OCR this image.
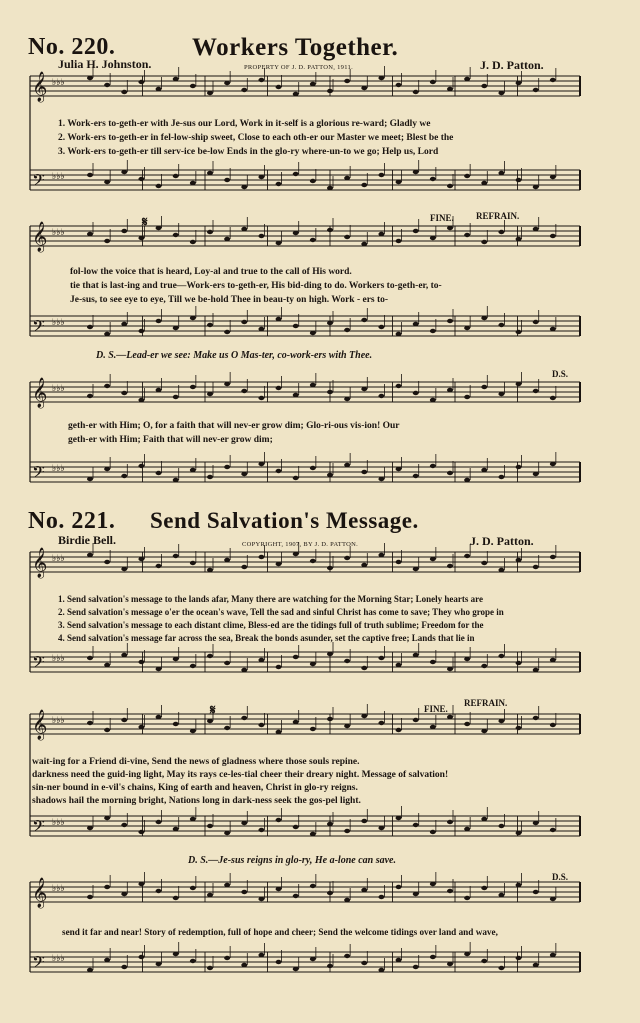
𝄞 ♭♭♭
𝄢 ♭♭♭
𝄞 ♭♭♭
𝄢 ♭♭♭
𝄞 ♭♭♭
𝄢 ♭♭♭
𝄞 ♭♭♭
𝄢 ♭♭♭
𝄞 ♭♭♭
𝄢 ♭♭♭
𝄞 ♭♭♭
𝄢 ♭♭♭
No. 220.	Workers Together.
Julia H. Johnston.	PROPERTY OF J. D. PATTON, 1911.	J. D. Patton.
1. Work-ers to-geth-er with Je-sus our Lord, Work in it-self is a glorious re-ward; Gladly we
2. Work-ers to-geth-er in fel-low-ship sweet, Close to each oth-er our Master we meet; Blest be the
3. Work-ers to-geth-er till serv-ice be-low Ends in the glo-ry where-un-to we go; Help us, Lord
FINE. REFRAIN.
𝄋
fol-low the voice that is heard, Loy-al and true to the call of His word.
tie that is last-ing and true—Work-ers to-geth-er, His bid-ding to do. Workers to-geth-er, to-
Je-sus, to see eye to eye, Till we be-hold Thee in beau-ty on high. Work - ers to-
D. S.—Lead-er we see: Make us O Mas-ter, co-work-ers with Thee.
D.S.
geth-er with Him; O, for a faith that will nev-er grow dim; Glo-ri-ous vis-ion! Our
geth-er with Him; Faith that will nev-er grow dim;
No. 221. Send Salvation's Message.
Birdie Bell.	COPYRIGHT, 1907, BY J. D. PATTON.	J. D. Patton.
1. Send salvation's message to the lands afar, Many there are watching for the Morning Star; Lonely hearts are
2. Send salvation's message o'er the ocean's wave, Tell the sad and sinful Christ has come to save; They who grope in
3. Send salvation's message to each distant clime, Bless-ed are the tidings full of truth sublime; Freedom for the
4. Send salvation's message far across the sea, Break the bonds asunder, set the captive free; Lands that lie in
FINE.
REFRAIN.
𝄋
wait-ing for a Friend di-vine, Send the news of gladness where those souls repine.
darkness need the guid-ing light, May its rays ce-les-tial cheer their dreary night. Message of salvation!
sin-ner bound in e-vil's chains, King of earth and heaven, Christ in glo-ry reigns.
shadows hail the morning bright, Nations long in dark-ness seek the gos-pel light.
D. S.—Je-sus reigns in glo-ry, He a-lone can save.
D.S.
send it far and near! Story of redemption, full of hope and cheer; Send the welcome tidings over land and wave,
